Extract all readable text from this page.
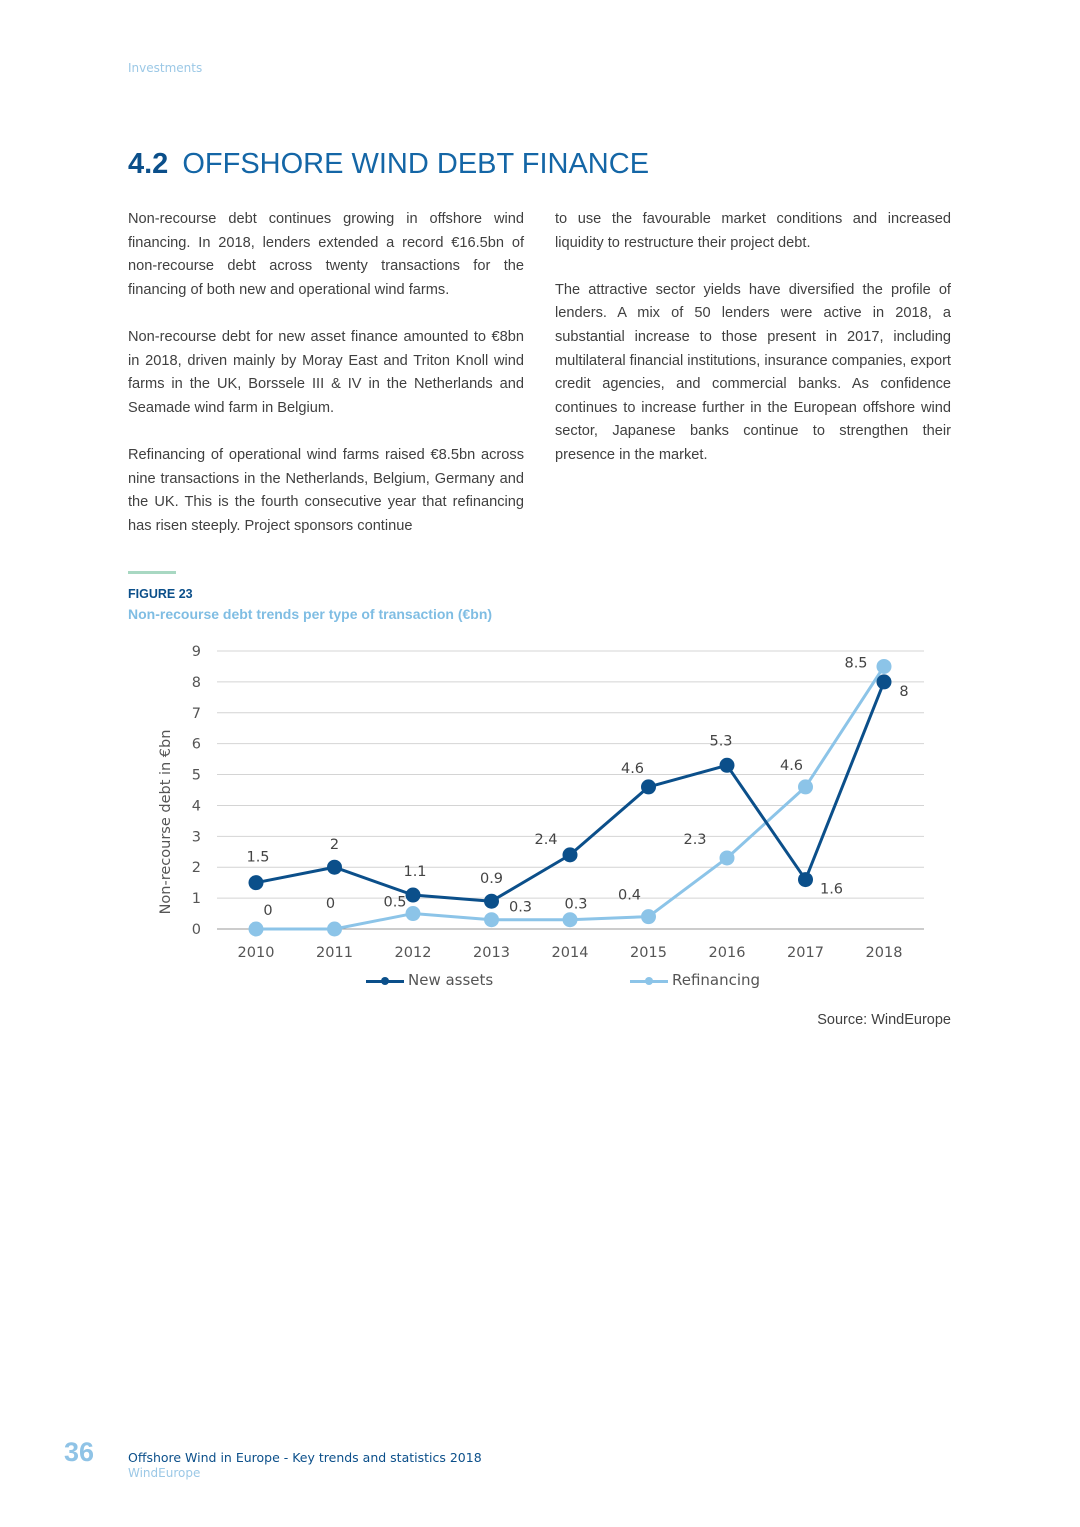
Investments
4.2 OFFSHORE WIND DEBT FINANCE

Non-recourse debt continues growing in offshore wind financing. In 2018, lenders extended a record €16.5bn of non-recourse debt across twenty transactions for the financing of both new and operational wind farms.

Non-recourse debt for new asset finance amounted to €8bn in 2018, driven mainly by Moray East and Triton Knoll wind farms in the UK, Borssele III & IV in the Netherlands and Seamade wind farm in Belgium.

Refinancing of operational wind farms raised €8.5bn across nine transactions in the Netherlands, Belgium, Germany and the UK. This is the fourth consecutive year that refinancing has risen steeply. Project sponsors continue

to use the favourable market conditions and increased liquidity to restructure their project debt.

The attractive sector yields have diversified the profile of lenders. A mix of 50 lenders were active in 2018, a substantial increase to those present in 2017, including multilateral financial institutions, insurance companies, export credit agencies, and commercial banks. As confidence continues to increase further in the European offshore wind sector, Japanese banks continue to strengthen their presence in the market.

FIGURE 23
Non-recourse debt trends per type of transaction (€bn)
0
1
2
3
4
5
6
7
8
9
Non-recourse debt in €bn
2010	2011	2012	2013	2014	2015	2016	2017	2018
1.5
2
1.1	0.9
2.4
4.6
5.3
1.6
8
0	0	0.5	0.3 0.3
0.4
2.3
4.6
8.5
New assets	Refinancing
Source: WindEurope
36	Offshore Wind in Europe - Key trends and statistics 2018
WindEurope
